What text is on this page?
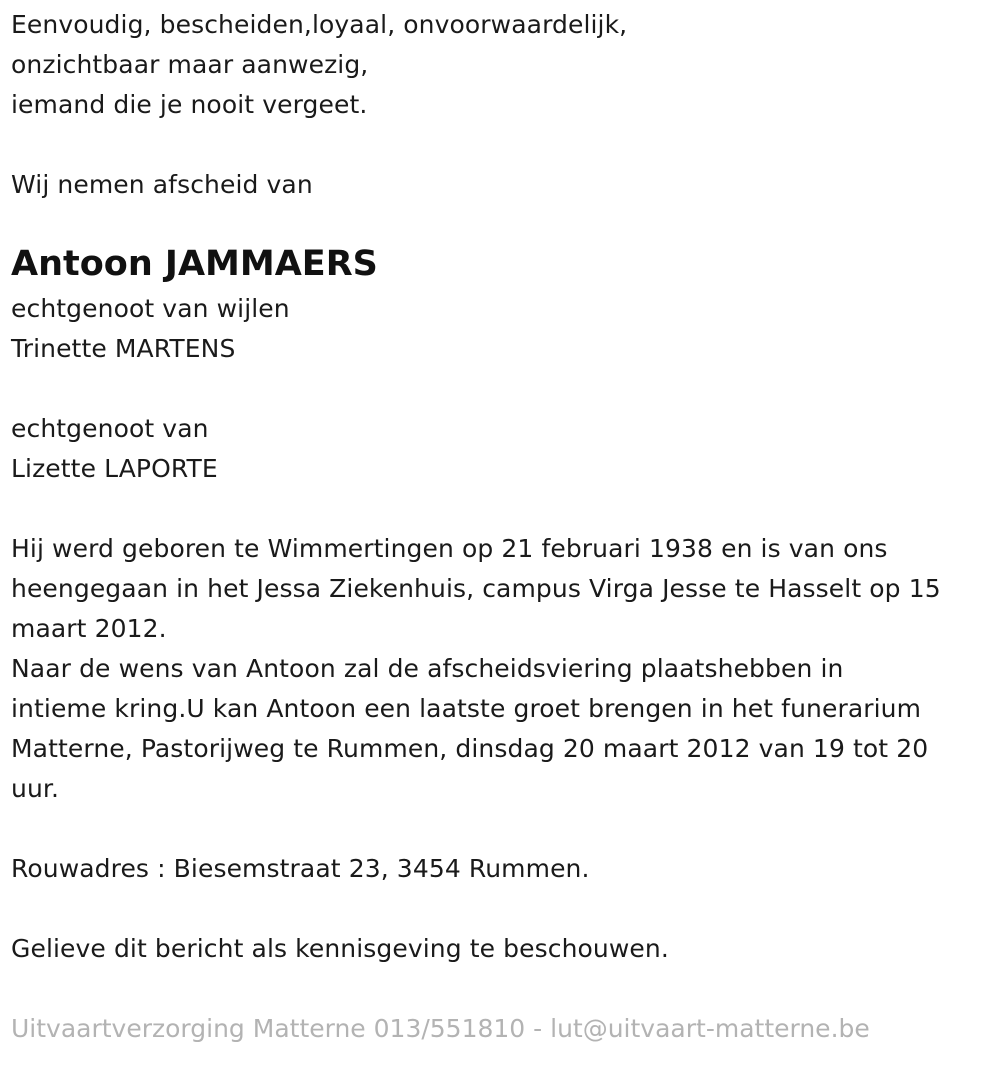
Eenvoudig, bescheiden,loyaal, onvoorwaardelijk,
onzichtbaar maar aanwezig,
iemand die je nooit vergeet.
Wij nemen afscheid van
Antoon JAMMAERS
echtgenoot van wijlen
Trinette MARTENS
echtgenoot van
Lizette LAPORTE
Hij werd geboren te Wimmertingen op 21 februari 1938 en is van ons
heengegaan in het Jessa Ziekenhuis, campus Virga Jesse te Hasselt op 15
maart 2012.
Naar de wens van Antoon zal de afscheidsviering plaatshebben in
intieme kring.U kan Antoon een laatste groet brengen in het funerarium
Matterne, Pastorijweg te Rummen, dinsdag 20 maart 2012 van 19 tot 20
uur.
Rouwadres : Biesemstraat 23, 3454 Rummen.
Gelieve dit bericht als kennisgeving te beschouwen.
Uitvaartverzorging Matterne 013/551810 - lut@uitvaart-matterne.be
